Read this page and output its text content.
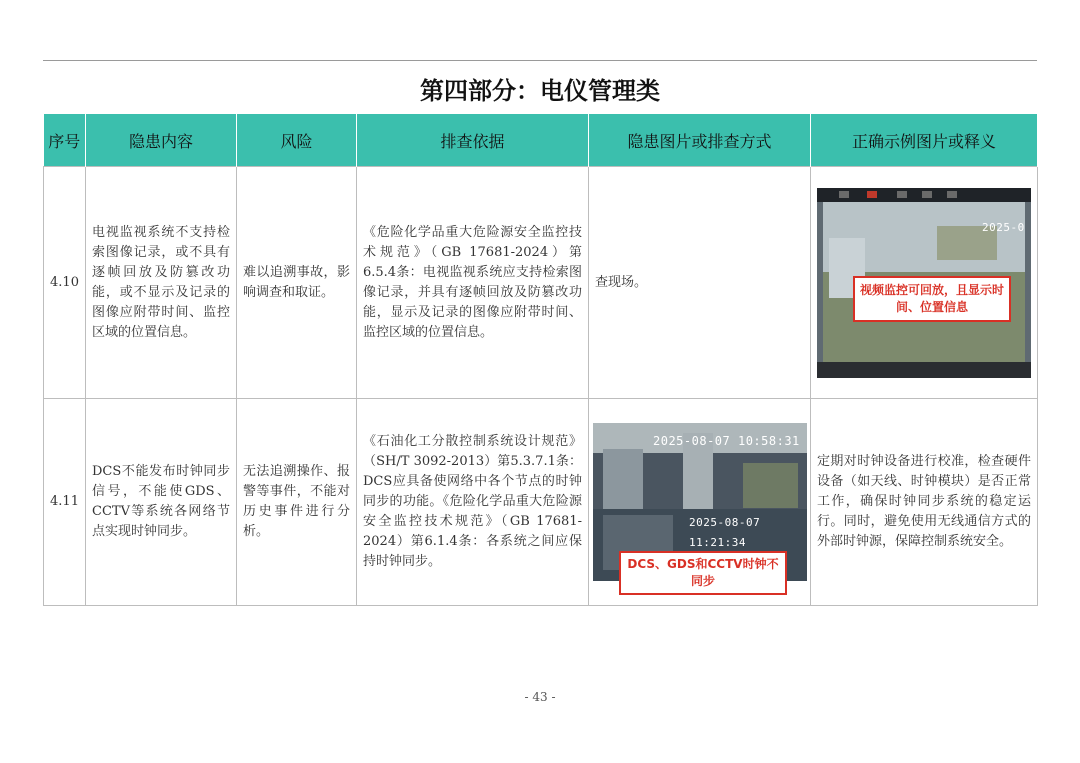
第四部分：电仪管理类
序号	隐患内容	风险	排查依据	隐患图片或排查方式	正确示例图片或释义
4.10	电视监视系统不支持检索图像记录，或不具有逐帧回放及防篡改功能，或不显示及记录的图像应附带时间、监控区域的位置信息。	难以追溯事故，影响调查和取证。	《危险化学品重大危险源安全监控技术规范》（GB 17681-2024）第6.5.4条：电视监视系统应支持检索图像记录，并具有逐帧回放及防篡改功能，显示及记录的图像应附带时间、监控区域的位置信息。	查现场。	2025-0
视频监控可回放，且显示时间、位置信息

4.11	DCS不能发布时钟同步信号，不能使GDS、CCTV等系统各网络节点实现时钟同步。	无法追溯操作、报警等事件，不能对历史事件进行分析。	《石油化工分散控制系统设计规范》（SH/T 3092-2013）第5.3.7.1条：DCS应具备使网络中各个节点的时钟同步的功能。《危险化学品重大危险源安全监控技术规范》（GB 17681-2024）第6.1.4条：各系统之间应保持时钟同步。	2025-08-07 10:58:31
2025-08-07 11:21:34
DCS、GDS和CCTV时钟不同步	定期对时钟设备进行校准，检查硬件设备（如天线、时钟模块）是否正常工作，确保时钟同步系统的稳定运行。同时，避免使用无线通信方式的外部时钟源，保障控制系统安全。
- 43 -
